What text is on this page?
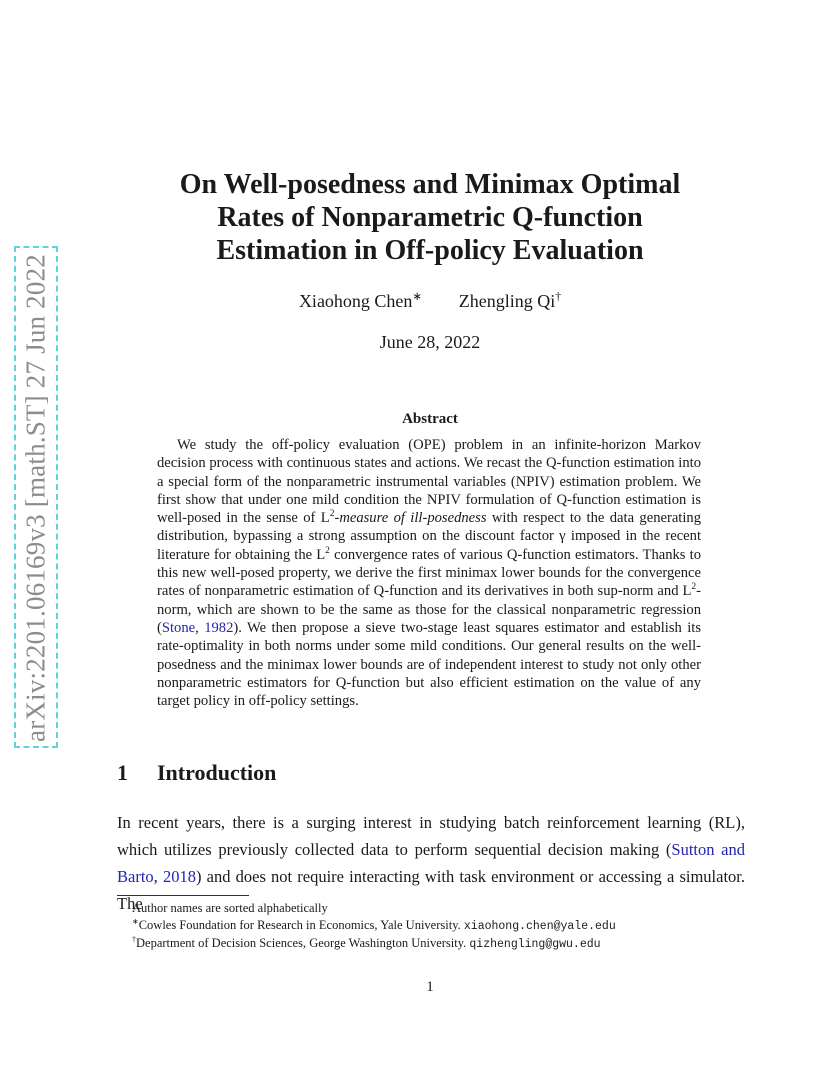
arXiv:2201.06169v3 [math.ST] 27 Jun 2022
On Well-posedness and Minimax Optimal
Rates of Nonparametric Q-function
Estimation in Off-policy Evaluation
Xiaohong Chen∗ Zhengling Qi†
June 28, 2022
Abstract
We study the off-policy evaluation (OPE) problem in an infinite-horizon Markov decision process with continuous states and actions. We recast the Q-function estimation into a special form of the nonparametric instrumental variables (NPIV) estimation problem. We first show that under one mild condition the NPIV formulation of Q-function estimation is well-posed in the sense of $L^2$-measure of ill-posedness with respect to the data generating distribution, bypassing a strong assumption on the discount factor γ imposed in the recent literature for obtaining the $L^2$ convergence rates of various Q-function estimators. Thanks to this new well-posed property, we derive the first minimax lower bounds for the convergence rates of nonparametric estimation of Q-function and its derivatives in both sup-norm and $L^2$-norm, which are shown to be the same as those for the classical nonparametric regression (Stone, 1982). We then propose a sieve two-stage least squares estimator and establish its rate-optimality in both norms under some mild conditions. Our general results on the well-posedness and the minimax lower bounds are of independent interest to study not only other nonparametric estimators for Q-function but also efficient estimation on the value of any target policy in off-policy settings.
1 Introduction
In recent years, there is a surging interest in studying batch reinforcement learning (RL), which utilizes previously collected data to perform sequential decision making (Sutton and Barto, 2018) and does not require interacting with task environment or accessing a simulator. The
Author names are sorted alphabetically
∗Cowles Foundation for Research in Economics, Yale University. xiaohong.chen@yale.edu
†Department of Decision Sciences, George Washington University. qizhengling@gwu.edu
1
